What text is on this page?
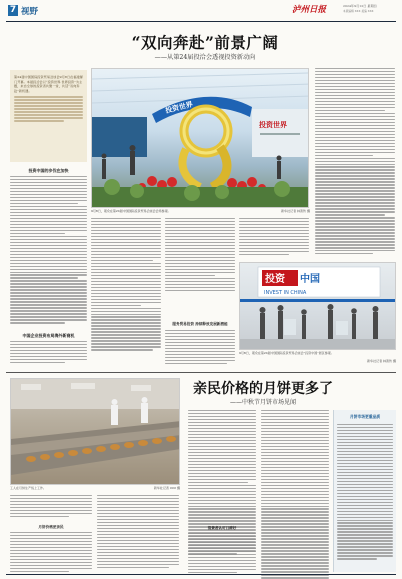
7 视野	泸州日报	2024年9月12日 星期四
本版编辑 XXX 美编 XXX
“双向奔赴”前景广阔
——从第24届投洽会透视投资新动向
第24届中国国际投资贸易洽谈会9月8日在福建厦门开幕。本届投洽会以“投资世界·世界投资”为主题，来自全球的投资者共聚一堂，共话“双向奔赴”新机遇。
投资中国的步伐在加快
中国企业投资布局海外新商机
投资世界
投资世界
9月8日，观众在第24届中国国际投资贸易洽谈会会场参观。	新华社记者 林善传 摄
服务贸易投资 持续释放发展新潜能
投资 中国
INVEST IN CHINA
9月8日，观众在第24届中国国际投资贸易洽谈会“投资中国”展区参观。
新华社记者 林善传 摄
工人在月饼生产线上工作。	新华社记者 XXX 摄
亲民价格的月饼更多了
——中秋节月饼市场见闻
月饼价格更亲民	消费者认可口碑好
月饼市场更重品质
